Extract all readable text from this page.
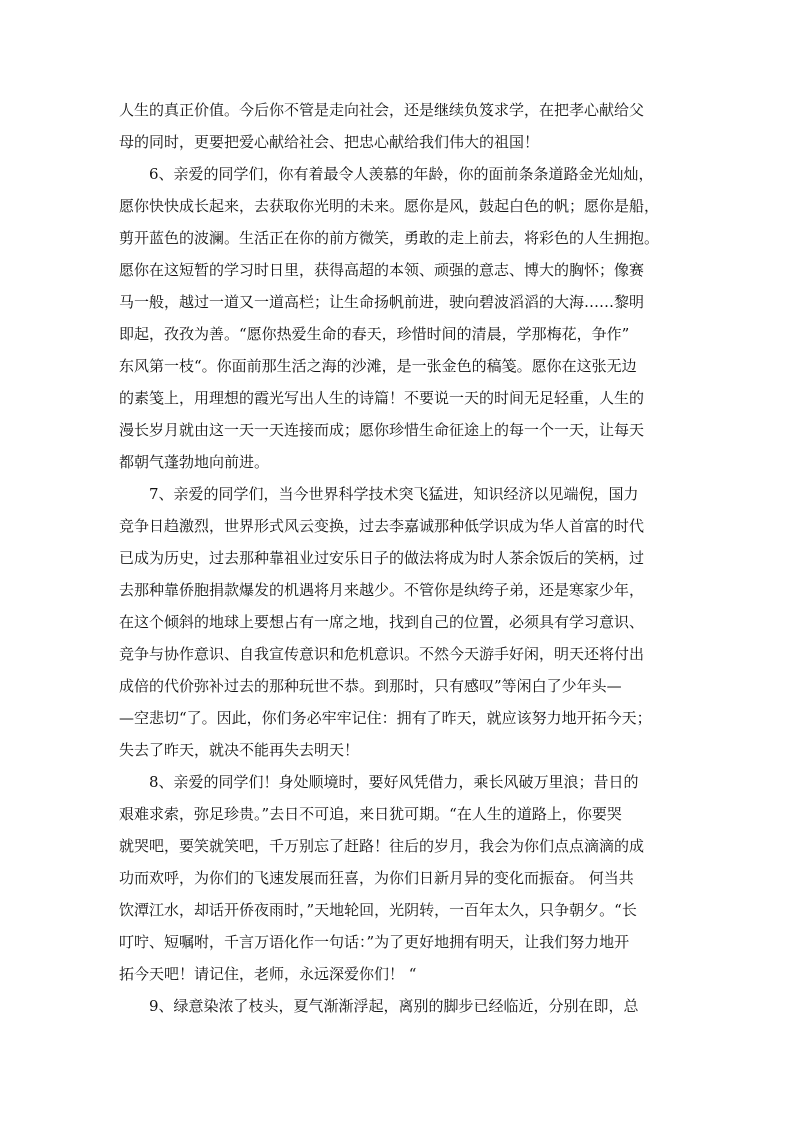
人生的真正价值。今后你不管是走向社会，还是继续负笈求学，在把孝心献给父
母的同时，更要把爱心献给社会、把忠心献给我们伟大的祖国！
6、亲爱的同学们，你有着最令人羡慕的年龄，你的面前条条道路金光灿灿，
愿你快快成长起来，去获取你光明的未来。愿你是风，鼓起白色的帆；愿你是船，
剪开蓝色的波澜。生活正在你的前方微笑，勇敢的走上前去，将彩色的人生拥抱。
愿你在这短暂的学习时日里，获得高超的本领、顽强的意志、博大的胸怀；像赛
马一般，越过一道又一道高栏；让生命扬帆前进，驶向碧波滔滔的大海……黎明
即起，孜孜为善。“愿你热爱生命的春天，珍惜时间的清晨，学那梅花，争作”
东风第一枝“。你面前那生活之海的沙滩，是一张金色的稿笺。愿你在这张无边
的素笺上，用理想的霞光写出人生的诗篇！不要说一天的时间无足轻重，人生的
漫长岁月就由这一天一天连接而成；愿你珍惜生命征途上的每一个一天，让每天
都朝气蓬勃地向前进。
7、亲爱的同学们，当今世界科学技术突飞猛进，知识经济以见端倪，国力
竞争日趋激烈，世界形式风云变换，过去李嘉诚那种低学识成为华人首富的时代
已成为历史，过去那种靠祖业过安乐日子的做法将成为时人茶余饭后的笑柄，过
去那种靠侨胞捐款爆发的机遇将月来越少。不管你是纨绔子弟，还是寒家少年，
在这个倾斜的地球上要想占有一席之地，找到自己的位置，必须具有学习意识、
竞争与协作意识、自我宣传意识和危机意识。不然今天游手好闲，明天还将付出
成倍的代价弥补过去的那种玩世不恭。到那时，只有感叹”等闲白了少年头—
—空悲切“了。因此，你们务必牢牢记住：拥有了昨天，就应该努力地开拓今天；
失去了昨天，就决不能再失去明天！
8、亲爱的同学们！身处顺境时，要好风凭借力，乘长风破万里浪；昔日的
艰难求索，弥足珍贵。”去日不可追，来日犹可期。“在人生的道路上，你要哭
就哭吧，要笑就笑吧，千万别忘了赶路！往后的岁月，我会为你们点点滴滴的成
功而欢呼，为你们的飞速发展而狂喜，为你们日新月异的变化而振奋。 何当共
饮潭江水，却话开侨夜雨时，”天地轮回，光阴转，一百年太久，只争朝夕。“长
叮咛、短嘱咐，千言万语化作一句话：”为了更好地拥有明天，让我们努力地开
拓今天吧！请记住，老师，永远深爱你们！ “
9、绿意染浓了枝头，夏气渐渐浮起，离别的脚步已经临近，分别在即，总
